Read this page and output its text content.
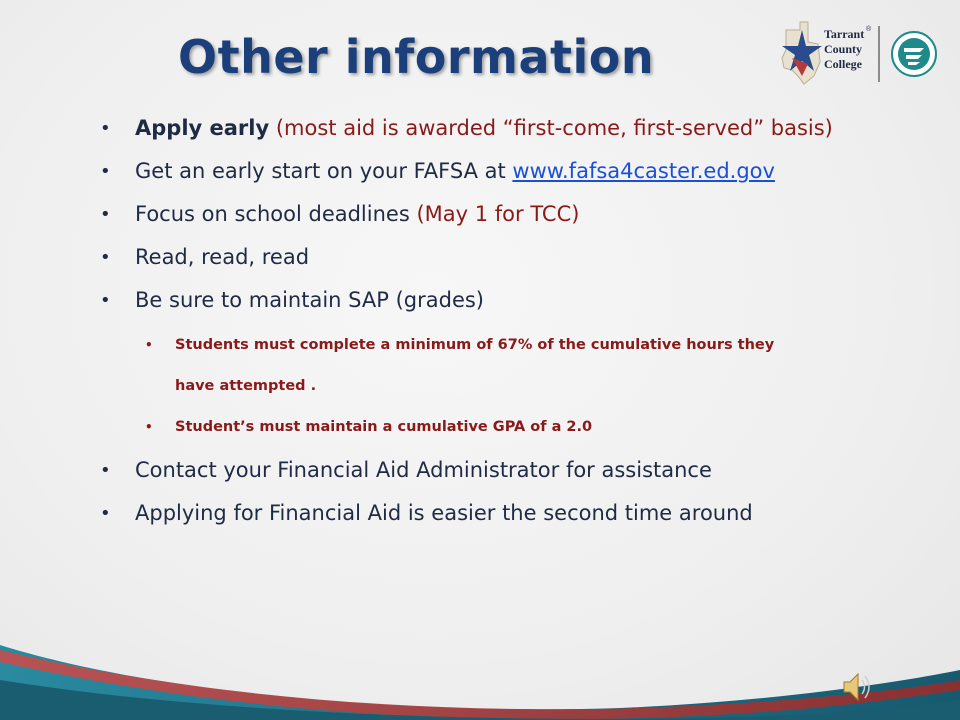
Other information	Tarrant
County
College
®
• Apply early (most aid is awarded “first-come, first-served” basis)
• Get an early start on your FAFSA at www.fafsa4caster.ed.gov
• Focus on school deadlines (May 1 for TCC)
• Read, read, read
• Be sure to maintain SAP (grades)
• Students must complete a minimum of 67% of the cumulative hours they have attempted .
• Student’s must maintain a cumulative GPA of a 2.0
• Contact your Financial Aid Administrator for assistance
• Applying for Financial Aid is easier the second time around
